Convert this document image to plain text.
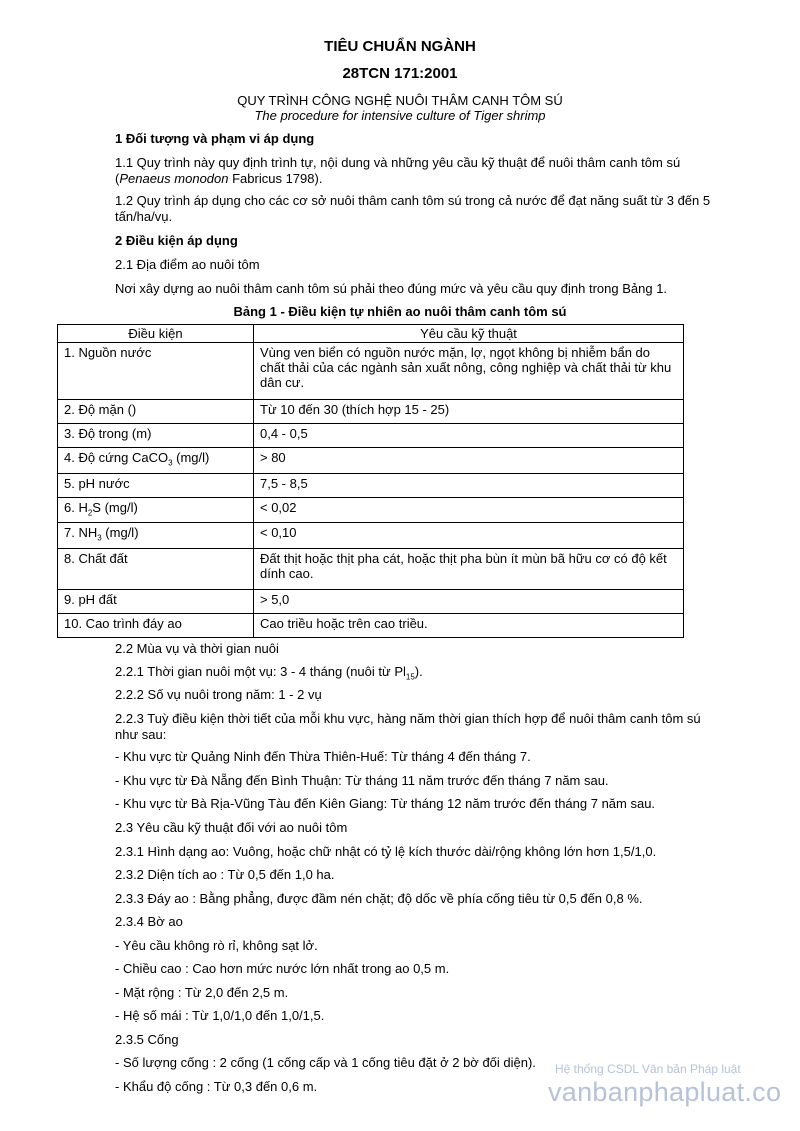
TIÊU CHUẨN NGÀNH
28TCN 171:2001
QUY TRÌNH CÔNG NGHỆ NUÔI THÂM CANH TÔM SÚ
The procedure for intensive culture of Tiger shrimp
1 Đối tượng và phạm vi áp dụng
1.1 Quy trình này quy định trình tự, nội dung và những yêu cầu kỹ thuật để nuôi thâm canh tôm sú (Penaeus monodon Fabricus 1798).
1.2 Quy trình áp dụng cho các cơ sở nuôi thâm canh tôm sú trong cả nước để đạt năng suất từ 3 đến 5 tấn/ha/vụ.
2 Điều kiện áp dụng
2.1 Địa điểm ao nuôi tôm
Nơi xây dựng ao nuôi thâm canh tôm sú phải theo đúng mức và yêu cầu quy định trong Bảng 1.
Bảng 1 - Điều kiện tự nhiên ao nuôi thâm canh tôm sú
Điều kiện	Yêu cầu kỹ thuật
1. Nguồn nước	Vùng ven biển có nguồn nước mặn, lợ, ngọt không bị nhiễm bẩn do chất thải của các ngành sản xuất nông, công nghiệp và chất thải từ khu dân cư.
2. Độ mặn ()	Từ 10 đến 30 (thích hợp 15 - 25)
3. Độ trong (m)	0,4 - 0,5
4. Độ cứng CaCO$_3$ (mg/l)	> 80
5. pH nước	7,5 - 8,5
6. $H_2S$ (mg/l)	< 0,02
7. $NH_3$ (mg/l)	< 0,10
8. Chất đất	Đất thịt hoặc thịt pha cát, hoặc thịt pha bùn ít mùn bã hữu cơ có độ kết dính cao.
9. pH đất	> 5,0
10. Cao trình đáy ao	Cao triều hoặc trên cao triều.
2.2 Mùa vụ và thời gian nuôi
2.2.1 Thời gian nuôi một vụ: 3 - 4 tháng (nuôi từ $Pl_{15}$).
2.2.2 Số vụ nuôi trong năm: 1 - 2 vụ
2.2.3 Tuỳ điều kiện thời tiết của mỗi khu vực, hàng năm thời gian thích hợp để nuôi thâm canh tôm sú như sau:
- Khu vực từ Quảng Ninh đến Thừa Thiên-Huế: Từ tháng 4 đến tháng 7.
- Khu vực từ Đà Nẵng đến Bình Thuận: Từ tháng 11 năm trước đến tháng 7 năm sau.
- Khu vực từ Bà Rịa-Vũng Tàu đến Kiên Giang: Từ tháng 12 năm trước đến tháng 7 năm sau.
2.3 Yêu cầu kỹ thuật đối với ao nuôi tôm
2.3.1 Hình dạng ao: Vuông, hoặc chữ nhật có tỷ lệ kích thước dài/rộng không lớn hơn 1,5/1,0.
2.3.2 Diện tích ao : Từ 0,5 đến 1,0 ha.
2.3.3 Đáy ao : Bằng phẳng, được đầm nén chặt; độ dốc về phía cống tiêu từ 0,5 đến 0,8 %.
2.3.4 Bờ ao
- Yêu cầu không rò rỉ, không sạt lở.
- Chiều cao : Cao hơn mức nước lớn nhất trong ao 0,5 m.
- Mặt rộng : Từ 2,0 đến 2,5 m.
- Hệ số mái : Từ 1,0/1,0 đến 1,0/1,5.
2.3.5 Cống
- Số lượng cống : 2 cống (1 cống cấp và 1 cống tiêu đặt ở 2 bờ đối diện).
- Khẩu độ cống : Từ 0,3 đến 0,6 m.
Hệ thống CSDL Văn bản Pháp luật
vanbanphapluat.co
